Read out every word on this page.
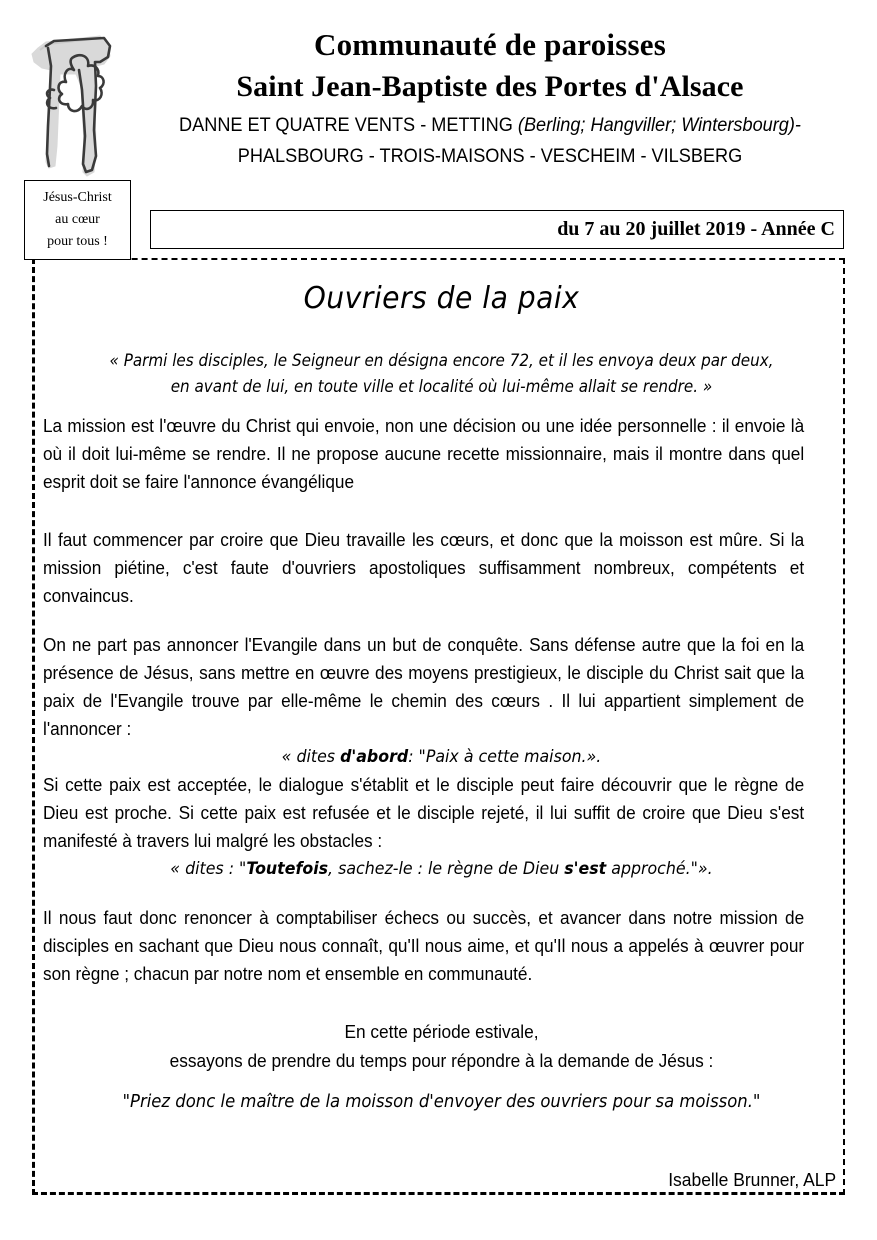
Communauté de paroisses
Saint Jean-Baptiste des Portes d'Alsace
DANNE ET QUATRE VENTS - METTING (Berling; Hangviller; Wintersbourg)-
PHALSBOURG - TROIS-MAISONS - VESCHEIM - VILSBERG
Jésus-Christ
au cœur
pour tous !
du 7 au 20 juillet 2019 - Année C
Ouvriers de la paix
« Parmi les disciples, le Seigneur en désigna encore 72, et il les envoya deux par deux,
en avant de lui, en toute ville et localité où lui-même allait se rendre. »

La mission est l'œuvre du Christ qui envoie, non une décision ou une idée personnelle : il envoie là où il doit lui-même se rendre. Il ne propose aucune recette missionnaire, mais il montre dans quel esprit doit se faire l'annonce évangélique

Il faut commencer par croire que Dieu travaille les cœurs, et donc que la moisson est mûre. Si la mission piétine, c'est faute d'ouvriers apostoliques suffisamment nombreux, compétents et convaincus.

On ne part pas annoncer l'Evangile dans un but de conquête. Sans défense autre que la foi en la présence de Jésus, sans mettre en œuvre des moyens prestigieux, le disciple du Christ sait que la paix de l'Evangile trouve par elle-même le chemin des cœurs . Il lui appartient simplement de l'annoncer :

« dites d'abord: "Paix à cette maison.».

Si cette paix est acceptée, le dialogue s'établit et le disciple peut faire découvrir que le règne de Dieu est proche. Si cette paix est refusée et le disciple rejeté, il lui suffit de croire que Dieu s'est manifesté à travers lui malgré les obstacles :

« dites : "Toutefois, sachez-le : le règne de Dieu s'est approché."».

Il nous faut donc renoncer à comptabiliser échecs ou succès, et avancer dans notre mission de disciples en sachant que Dieu nous connaît, qu'Il nous aime, et qu'Il nous a appelés à œuvrer pour son règne ; chacun par notre nom et ensemble en communauté.

En cette période estivale,
essayons de prendre du temps pour répondre à la demande de Jésus :
"Priez donc le maître de la moisson d'envoyer des ouvriers pour sa moisson."
Isabelle Brunner, ALP
